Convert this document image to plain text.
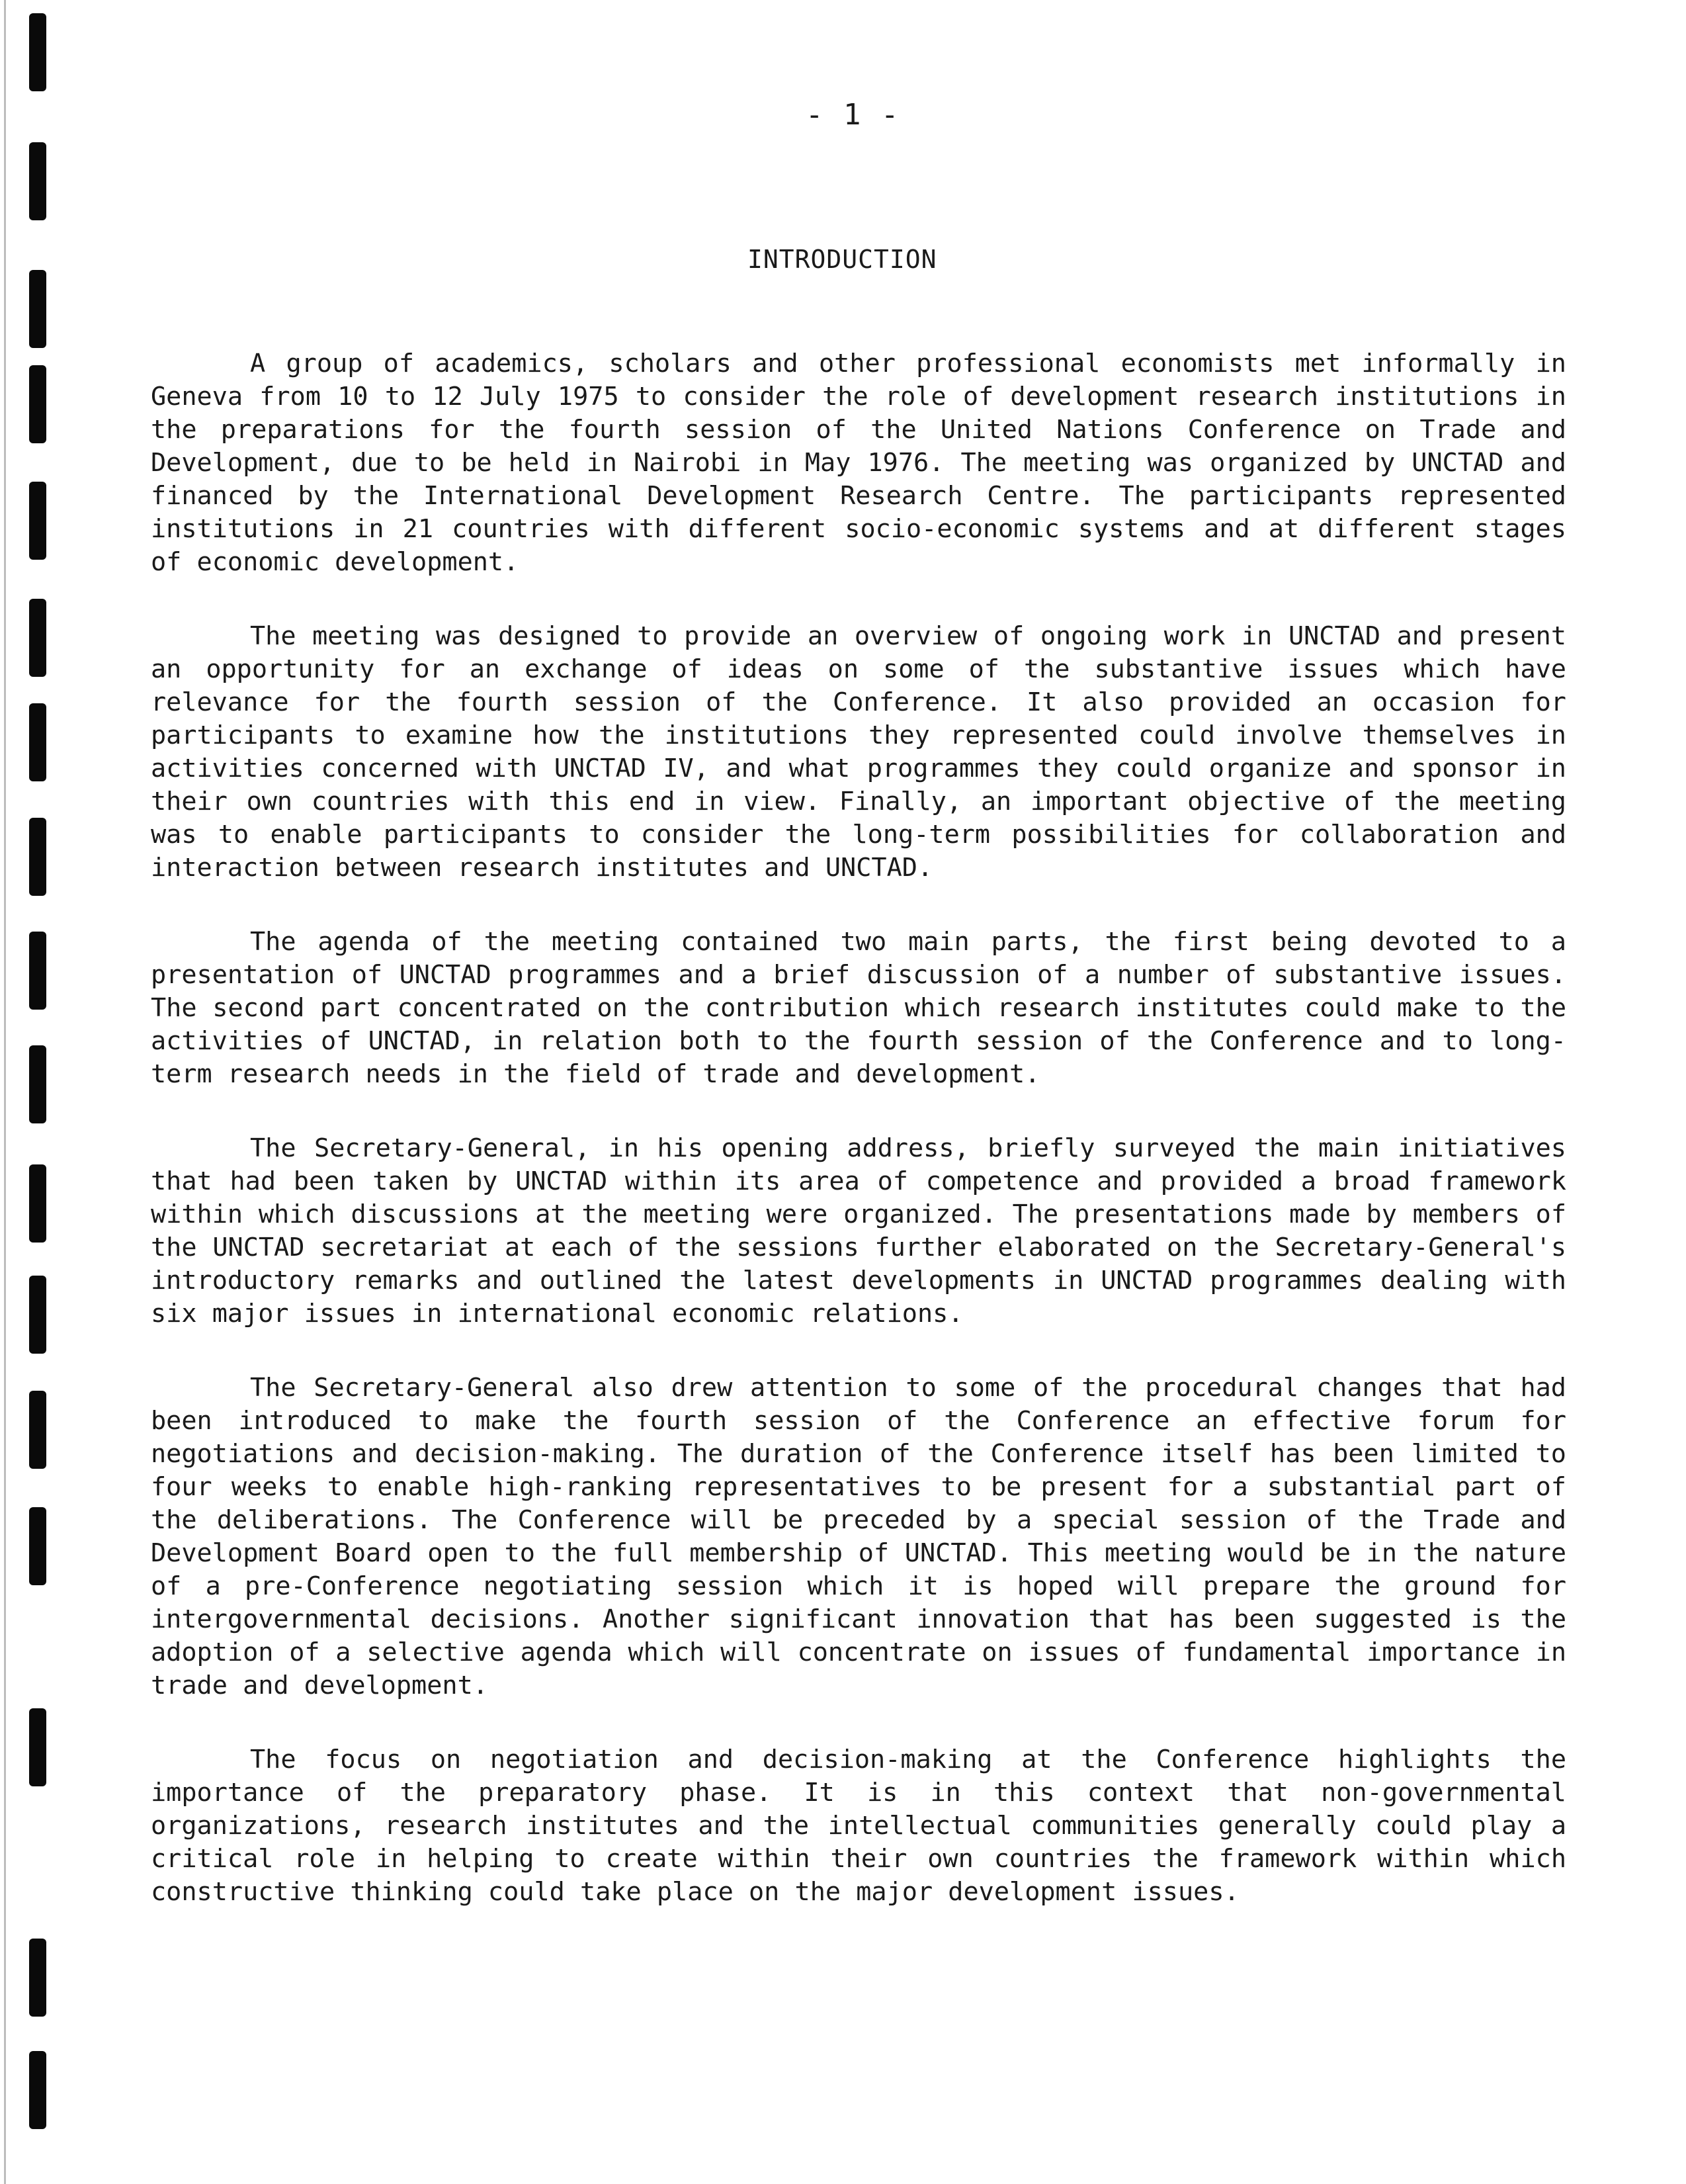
- 1 -
INTRODUCTION

A group of academics, scholars and other professional economists met informally in Geneva from 10 to 12 July 1975 to consider the role of development research institutions in the preparations for the fourth session of the United Nations Conference on Trade and Development, due to be held in Nairobi in May 1976. The meeting was organized by UNCTAD and financed by the International Development Research Centre. The participants represented institutions in 21 countries with different socio-economic systems and at different stages of economic development.

The meeting was designed to provide an overview of ongoing work in UNCTAD and present an opportunity for an exchange of ideas on some of the substantive issues which have relevance for the fourth session of the Conference. It also provided an occasion for participants to examine how the institutions they represented could involve themselves in activities concerned with UNCTAD IV, and what programmes they could organize and sponsor in their own countries with this end in view. Finally, an important objective of the meeting was to enable participants to consider the long-term possibilities for collaboration and interaction between research institutes and UNCTAD.

The agenda of the meeting contained two main parts, the first being devoted to a presentation of UNCTAD programmes and a brief discussion of a number of substantive issues. The second part concentrated on the contribution which research institutes could make to the activities of UNCTAD, in relation both to the fourth session of the Conference and to long-term research needs in the field of trade and development.

The Secretary-General, in his opening address, briefly surveyed the main initiatives that had been taken by UNCTAD within its area of competence and provided a broad framework within which discussions at the meeting were organized. The presentations made by members of the UNCTAD secretariat at each of the sessions further elaborated on the Secretary-General's introductory remarks and outlined the latest developments in UNCTAD programmes dealing with six major issues in international economic relations.

The Secretary-General also drew attention to some of the procedural changes that had been introduced to make the fourth session of the Conference an effective forum for negotiations and decision-making. The duration of the Conference itself has been limited to four weeks to enable high-ranking representatives to be present for a substantial part of the deliberations. The Conference will be preceded by a special session of the Trade and Development Board open to the full membership of UNCTAD. This meeting would be in the nature of a pre-Conference negotiating session which it is hoped will prepare the ground for intergovernmental decisions. Another significant innovation that has been suggested is the adoption of a selective agenda which will concentrate on issues of fundamental importance in trade and development.

The focus on negotiation and decision-making at the Conference highlights the importance of the preparatory phase. It is in this context that non-governmental organizations, research institutes and the intellectual communities generally could play a critical role in helping to create within their own countries the framework within which constructive thinking could take place on the major development issues.
